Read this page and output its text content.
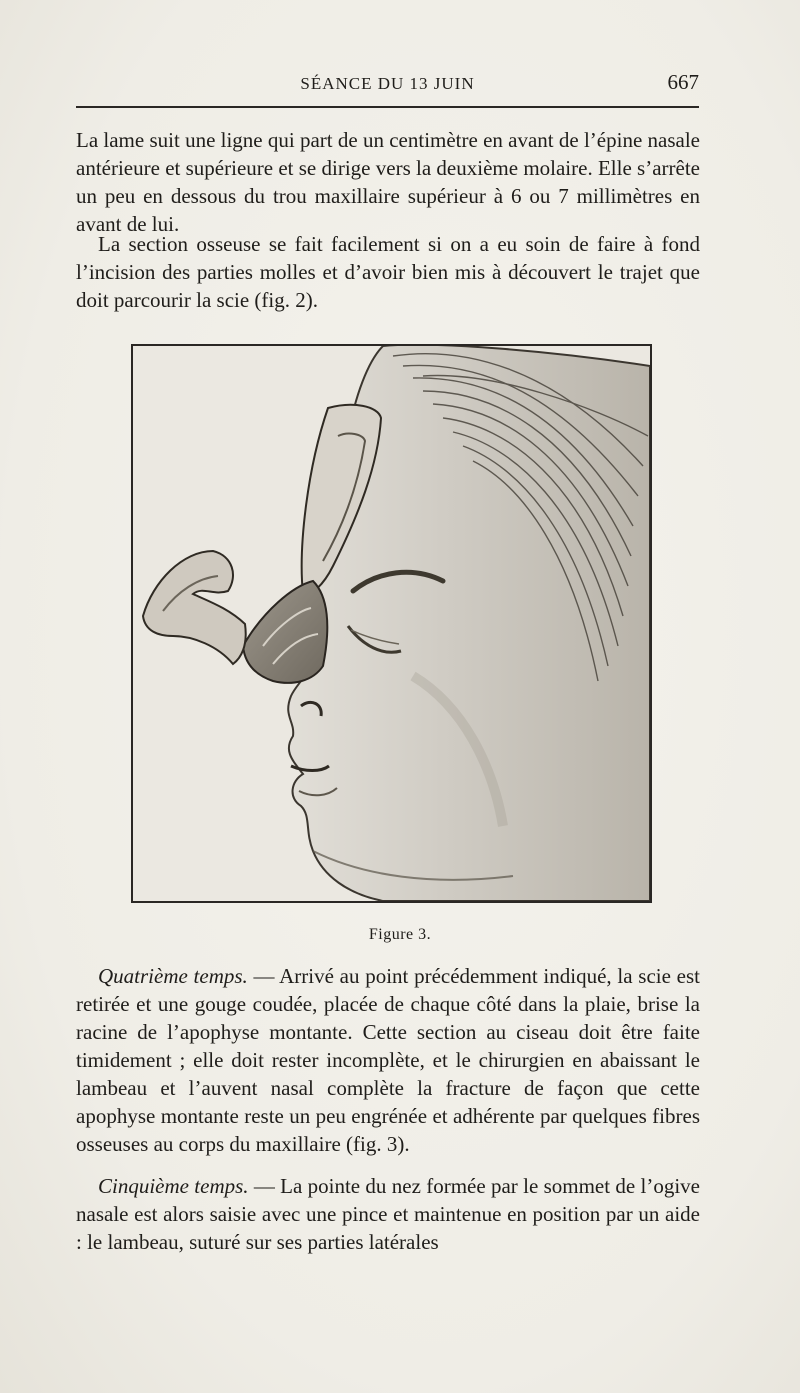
SÉANCE DU 13 JUIN	667

La lame suit une ligne qui part de un centimètre en avant de l’épine nasale antérieure et supérieure et se dirige vers la deuxième molaire. Elle s’arrête un peu en dessous du trou maxillaire supérieur à 6 ou 7 millimètres en avant de lui.

La section osseuse se fait facilement si on a eu soin de faire à fond l’incision des parties molles et d’avoir bien mis à découvert le trajet que doit parcourir la scie (fig. 2).

Figure 3.

Quatrième temps. — Arrivé au point précédemment indiqué, la scie est retirée et une gouge coudée, placée de chaque côté dans la plaie, brise la racine de l’apophyse montante. Cette section au ciseau doit être faite timidement ; elle doit rester incomplète, et le chirurgien en abaissant le lambeau et l’auvent nasal complète la fracture de façon que cette apophyse montante reste un peu engrénée et adhérente par quelques fibres osseuses au corps du maxillaire (fig. 3).

Cinquième temps. — La pointe du nez formée par le sommet de l’ogive nasale est alors saisie avec une pince et maintenue en position par un aide : le lambeau, suturé sur ses parties latérales
